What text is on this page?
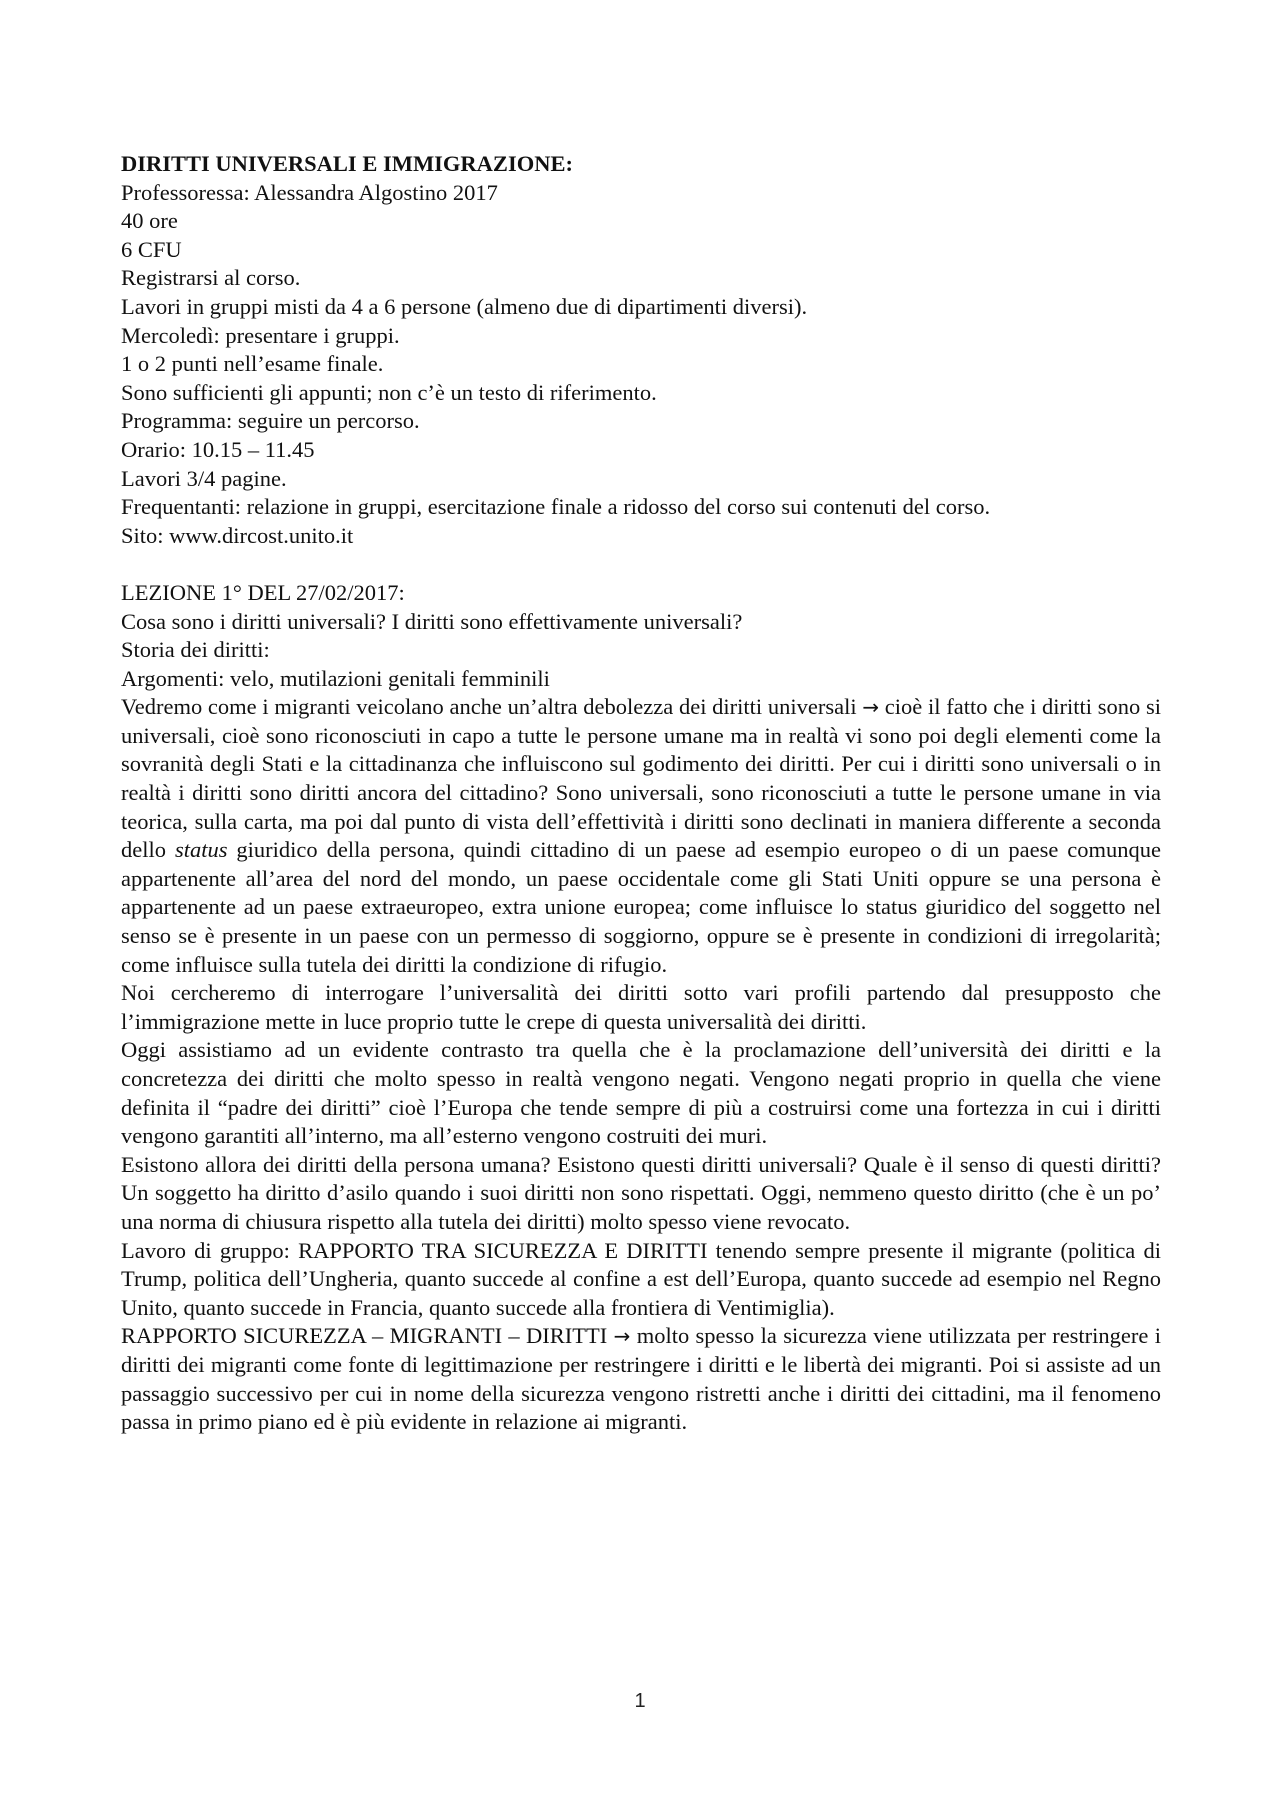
DIRITTI UNIVERSALI E IMMIGRAZIONE:
Professoressa: Alessandra Algostino 2017
40 ore
6 CFU
Registrarsi al corso.
Lavori in gruppi misti da 4 a 6 persone (almeno due di dipartimenti diversi).
Mercoledì: presentare i gruppi.
1 o 2 punti nell’esame finale.
Sono sufficienti gli appunti; non c’è un testo di riferimento.
Programma: seguire un percorso.
Orario: 10.15 – 11.45
Lavori 3/4 pagine.
Frequentanti: relazione in gruppi, esercitazione finale a ridosso del corso sui contenuti del corso.
Sito: www.dircost.unito.it
LEZIONE 1° DEL 27/02/2017:
Cosa sono i diritti universali? I diritti sono effettivamente universali?
Storia dei diritti:
Argomenti: velo, mutilazioni genitali femminili

Vedremo come i migranti veicolano anche un’altra debolezza dei diritti universali → cioè il fatto che i diritti sono si universali, cioè sono riconosciuti in capo a tutte le persone umane ma in realtà vi sono poi degli elementi come la sovranità degli Stati e la cittadinanza che influiscono sul godimento dei diritti. Per cui i diritti sono universali o in realtà i diritti sono diritti ancora del cittadino? Sono universali, sono riconosciuti a tutte le persone umane in via teorica, sulla carta, ma poi dal punto di vista dell’effettività i diritti sono declinati in maniera differente a seconda dello status giuridico della persona, quindi cittadino di un paese ad esempio europeo o di un paese comunque appartenente all’area del nord del mondo, un paese occidentale come gli Stati Uniti oppure se una persona è appartenente ad un paese extraeuropeo, extra unione europea; come influisce lo status giuridico del soggetto nel senso se è presente in un paese con un permesso di soggiorno, oppure se è presente in condizioni di irregolarità; come influisce sulla tutela dei diritti la condizione di rifugio.

Noi cercheremo di interrogare l’universalità dei diritti sotto vari profili partendo dal presupposto che l’immigrazione mette in luce proprio tutte le crepe di questa universalità dei diritti.

Oggi assistiamo ad un evidente contrasto tra quella che è la proclamazione dell’università dei diritti e la concretezza dei diritti che molto spesso in realtà vengono negati. Vengono negati proprio in quella che viene definita il “padre dei diritti” cioè l’Europa che tende sempre di più a costruirsi come una fortezza in cui i diritti vengono garantiti all’interno, ma all’esterno vengono costruiti dei muri.

Esistono allora dei diritti della persona umana? Esistono questi diritti universali? Quale è il senso di questi diritti? Un soggetto ha diritto d’asilo quando i suoi diritti non sono rispettati. Oggi, nemmeno questo diritto (che è un po’ una norma di chiusura rispetto alla tutela dei diritti) molto spesso viene revocato.

Lavoro di gruppo: RAPPORTO TRA SICUREZZA E DIRITTI tenendo sempre presente il migrante (politica di Trump, politica dell’Ungheria, quanto succede al confine a est dell’Europa, quanto succede ad esempio nel Regno Unito, quanto succede in Francia, quanto succede alla frontiera di Ventimiglia).

RAPPORTO SICUREZZA – MIGRANTI – DIRITTI → molto spesso la sicurezza viene utilizzata per restringere i diritti dei migranti come fonte di legittimazione per restringere i diritti e le libertà dei migranti. Poi si assiste ad un passaggio successivo per cui in nome della sicurezza vengono ristretti anche i diritti dei cittadini, ma il fenomeno passa in primo piano ed è più evidente in relazione ai migranti.

1
